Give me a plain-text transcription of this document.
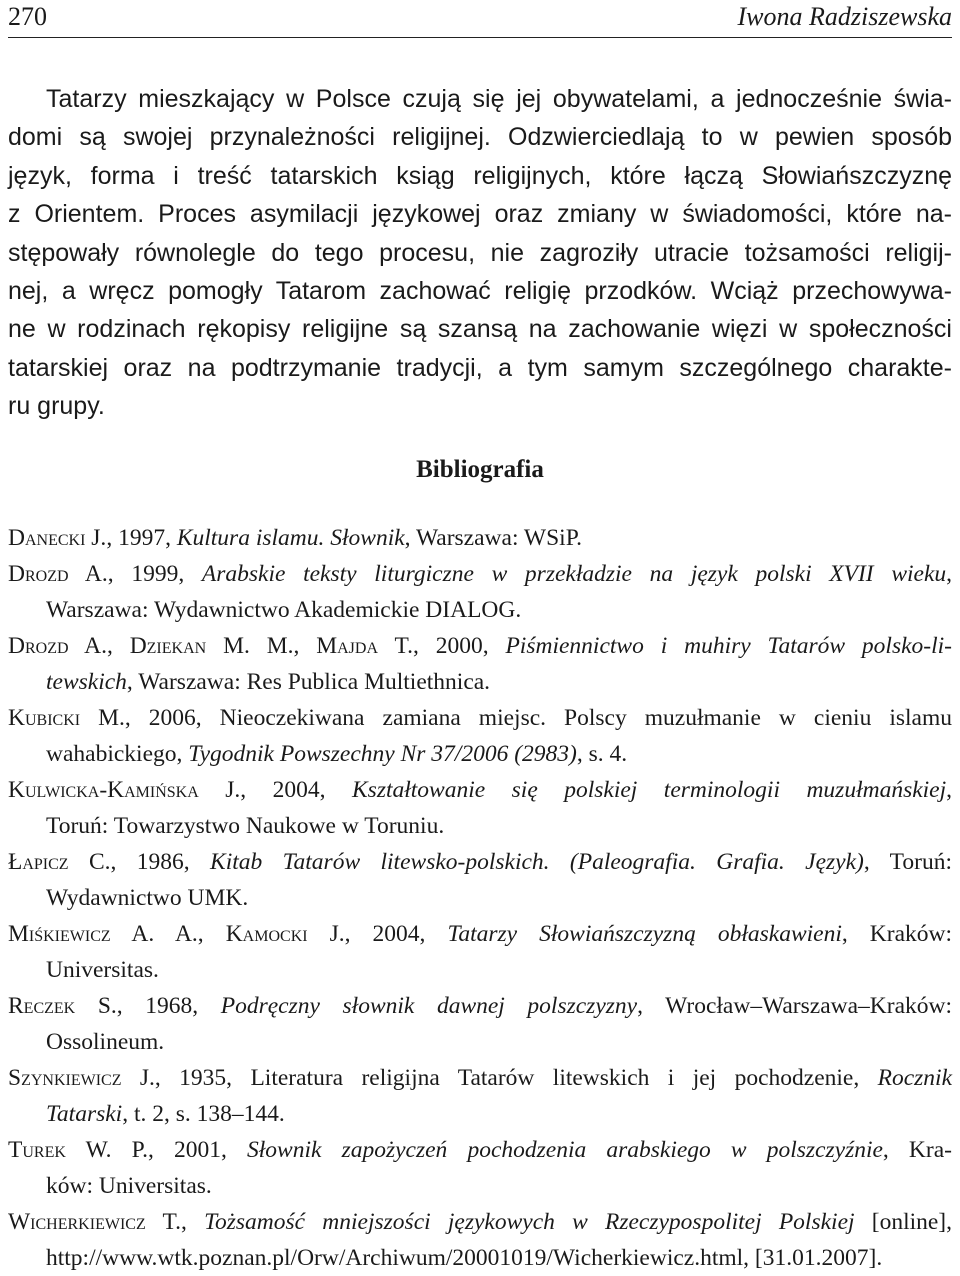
270	Iwona Radziszewska
Tatarzy mieszkający w Polsce czują się jej obywatelami, a jednocześnie świa-
domi są swojej przynależności religijnej. Odzwierciedlają to w pewien sposób
język, forma i treść tatarskich ksiąg religijnych, które łączą Słowiańszczyznę
z Orientem. Proces asymilacji językowej oraz zmiany w świadomości, które na-
stępowały równolegle do tego procesu, nie zagroziły utracie tożsamości religij-
nej, a wręcz pomogły Tatarom zachować religię przodków. Wciąż przechowywa-
ne w rodzinach rękopisy religijne są szansą na zachowanie więzi w społeczności
tatarskiej oraz na podtrzymanie tradycji, a tym samym szczególnego charakte-
ru grupy.
Bibliografia
Danecki J., 1997, Kultura islamu. Słownik, Warszawa: WSiP.
Drozd A., 1999, Arabskie teksty liturgiczne w przekładzie na język polski XVII wieku,
Warszawa: Wydawnictwo Akademickie DIALOG.
Drozd A., Dziekan M. M., Majda T., 2000, Piśmiennictwo i muhiry Tatarów polsko-li-
tewskich, Warszawa: Res Publica Multiethnica.
Kubicki M., 2006, Nieoczekiwana zamiana miejsc. Polscy muzułmanie w cieniu islamu
wahabickiego, Tygodnik Powszechny Nr 37/2006 (2983), s. 4.
Kulwicka-Kamińska J., 2004, Kształtowanie się polskiej terminologii muzułmańskiej,
Toruń: Towarzystwo Naukowe w Toruniu.
Łapicz C., 1986, Kitab Tatarów litewsko-polskich. (Paleografia. Grafia. Język), Toruń:
Wydawnictwo UMK.
Miśkiewicz A. A., Kamocki J., 2004, Tatarzy Słowiańszczyzną obłaskawieni, Kraków:
Universitas.
Reczek S., 1968, Podręczny słownik dawnej polszczyzny, Wrocław–Warszawa–Kraków:
Ossolineum.
Szynkiewicz J., 1935, Literatura religijna Tatarów litewskich i jej pochodzenie, Rocznik
Tatarski, t. 2, s. 138–144.
Turek W. P., 2001, Słownik zapożyczeń pochodzenia arabskiego w polszczyźnie, Kra-
ków: Universitas.
Wicherkiewicz T., Tożsamość mniejszości językowych w Rzeczypospolitej Polskiej [online],
http://www.wtk.poznan.pl/Orw/Archiwum/20001019/Wicherkiewicz.html, [31.01.2007].
